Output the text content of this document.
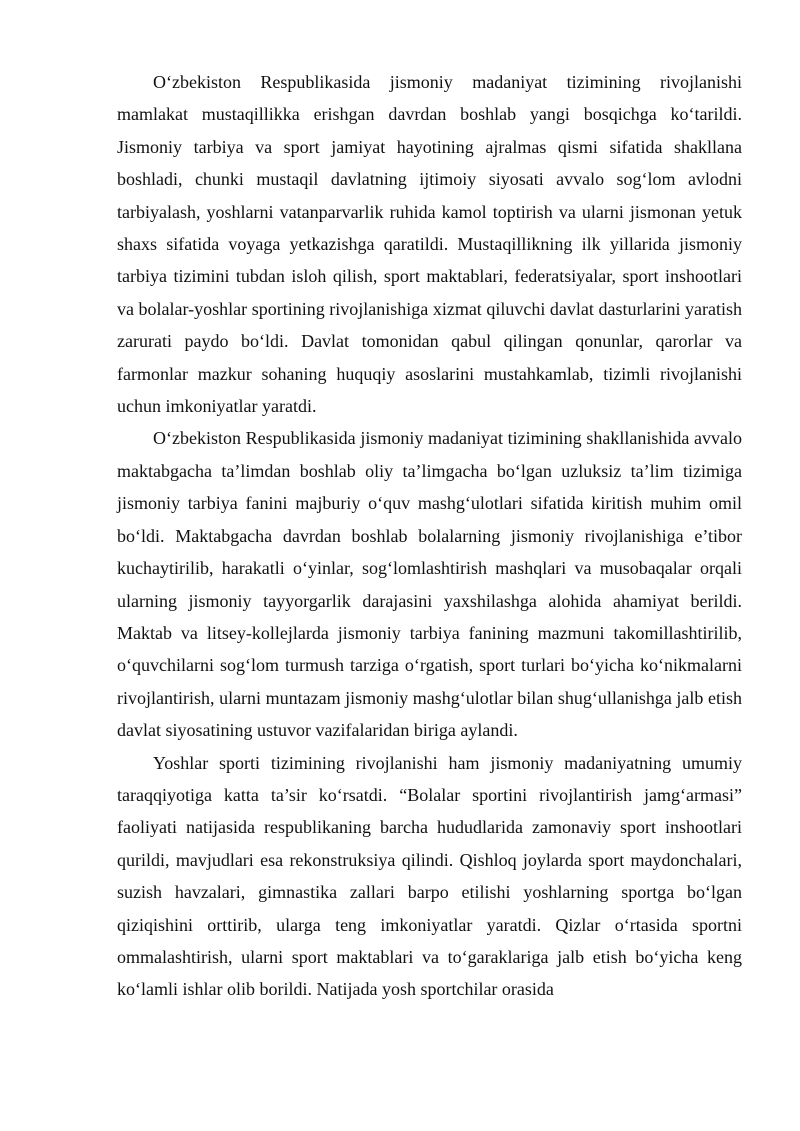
O‘zbekiston Respublikasida jismoniy madaniyat tizimining rivojlanishi mamlakat mustaqillikka erishgan davrdan boshlab yangi bosqichga ko‘tarildi. Jismoniy tarbiya va sport jamiyat hayotining ajralmas qismi sifatida shakllana boshladi, chunki mustaqil davlatning ijtimoiy siyosati avvalo sog‘lom avlodni tarbiyalash, yoshlarni vatanparvarlik ruhida kamol toptirish va ularni jismonan yetuk shaxs sifatida voyaga yetkazishga qaratildi. Mustaqillikning ilk yillarida jismoniy tarbiya tizimini tubdan isloh qilish, sport maktablari, federatsiyalar, sport inshootlari va bolalar-yoshlar sportining rivojlanishiga xizmat qiluvchi davlat dasturlarini yaratish zarurati paydo bo‘ldi. Davlat tomonidan qabul qilingan qonunlar, qarorlar va farmonlar mazkur sohaning huquqiy asoslarini mustahkamlab, tizimli rivojlanishi uchun imkoniyatlar yaratdi.

O‘zbekiston Respublikasida jismoniy madaniyat tizimining shakllanishida avvalo maktabgacha ta’limdan boshlab oliy ta’limgacha bo‘lgan uzluksiz ta’lim tizimiga jismoniy tarbiya fanini majburiy o‘quv mashg‘ulotlari sifatida kiritish muhim omil bo‘ldi. Maktabgacha davrdan boshlab bolalarning jismoniy rivojlanishiga e’tibor kuchaytirilib, harakatli o‘yinlar, sog‘lomlashtirish mashqlari va musobaqalar orqali ularning jismoniy tayyorgarlik darajasini yaxshilashga alohida ahamiyat berildi. Maktab va litsey-kollejlarda jismoniy tarbiya fanining mazmuni takomillashtirilib, o‘quvchilarni sog‘lom turmush tarziga o‘rgatish, sport turlari bo‘yicha ko‘nikmalarni rivojlantirish, ularni muntazam jismoniy mashg‘ulotlar bilan shug‘ullanishga jalb etish davlat siyosatining ustuvor vazifalaridan biriga aylandi.

Yoshlar sporti tizimining rivojlanishi ham jismoniy madaniyatning umumiy taraqqiyotiga katta ta’sir ko‘rsatdi. “Bolalar sportini rivojlantirish jamg‘armasi” faoliyati natijasida respublikaning barcha hududlarida zamonaviy sport inshootlari qurildi, mavjudlari esa rekonstruksiya qilindi. Qishloq joylarda sport maydonchalari, suzish havzalari, gimnastika zallari barpo etilishi yoshlarning sportga bo‘lgan qiziqishini orttirib, ularga teng imkoniyatlar yaratdi. Qizlar o‘rtasida sportni ommalashtirish, ularni sport maktablari va to‘garaklariga jalb etish bo‘yicha keng ko‘lamli ishlar olib borildi. Natijada yosh sportchilar orasida
